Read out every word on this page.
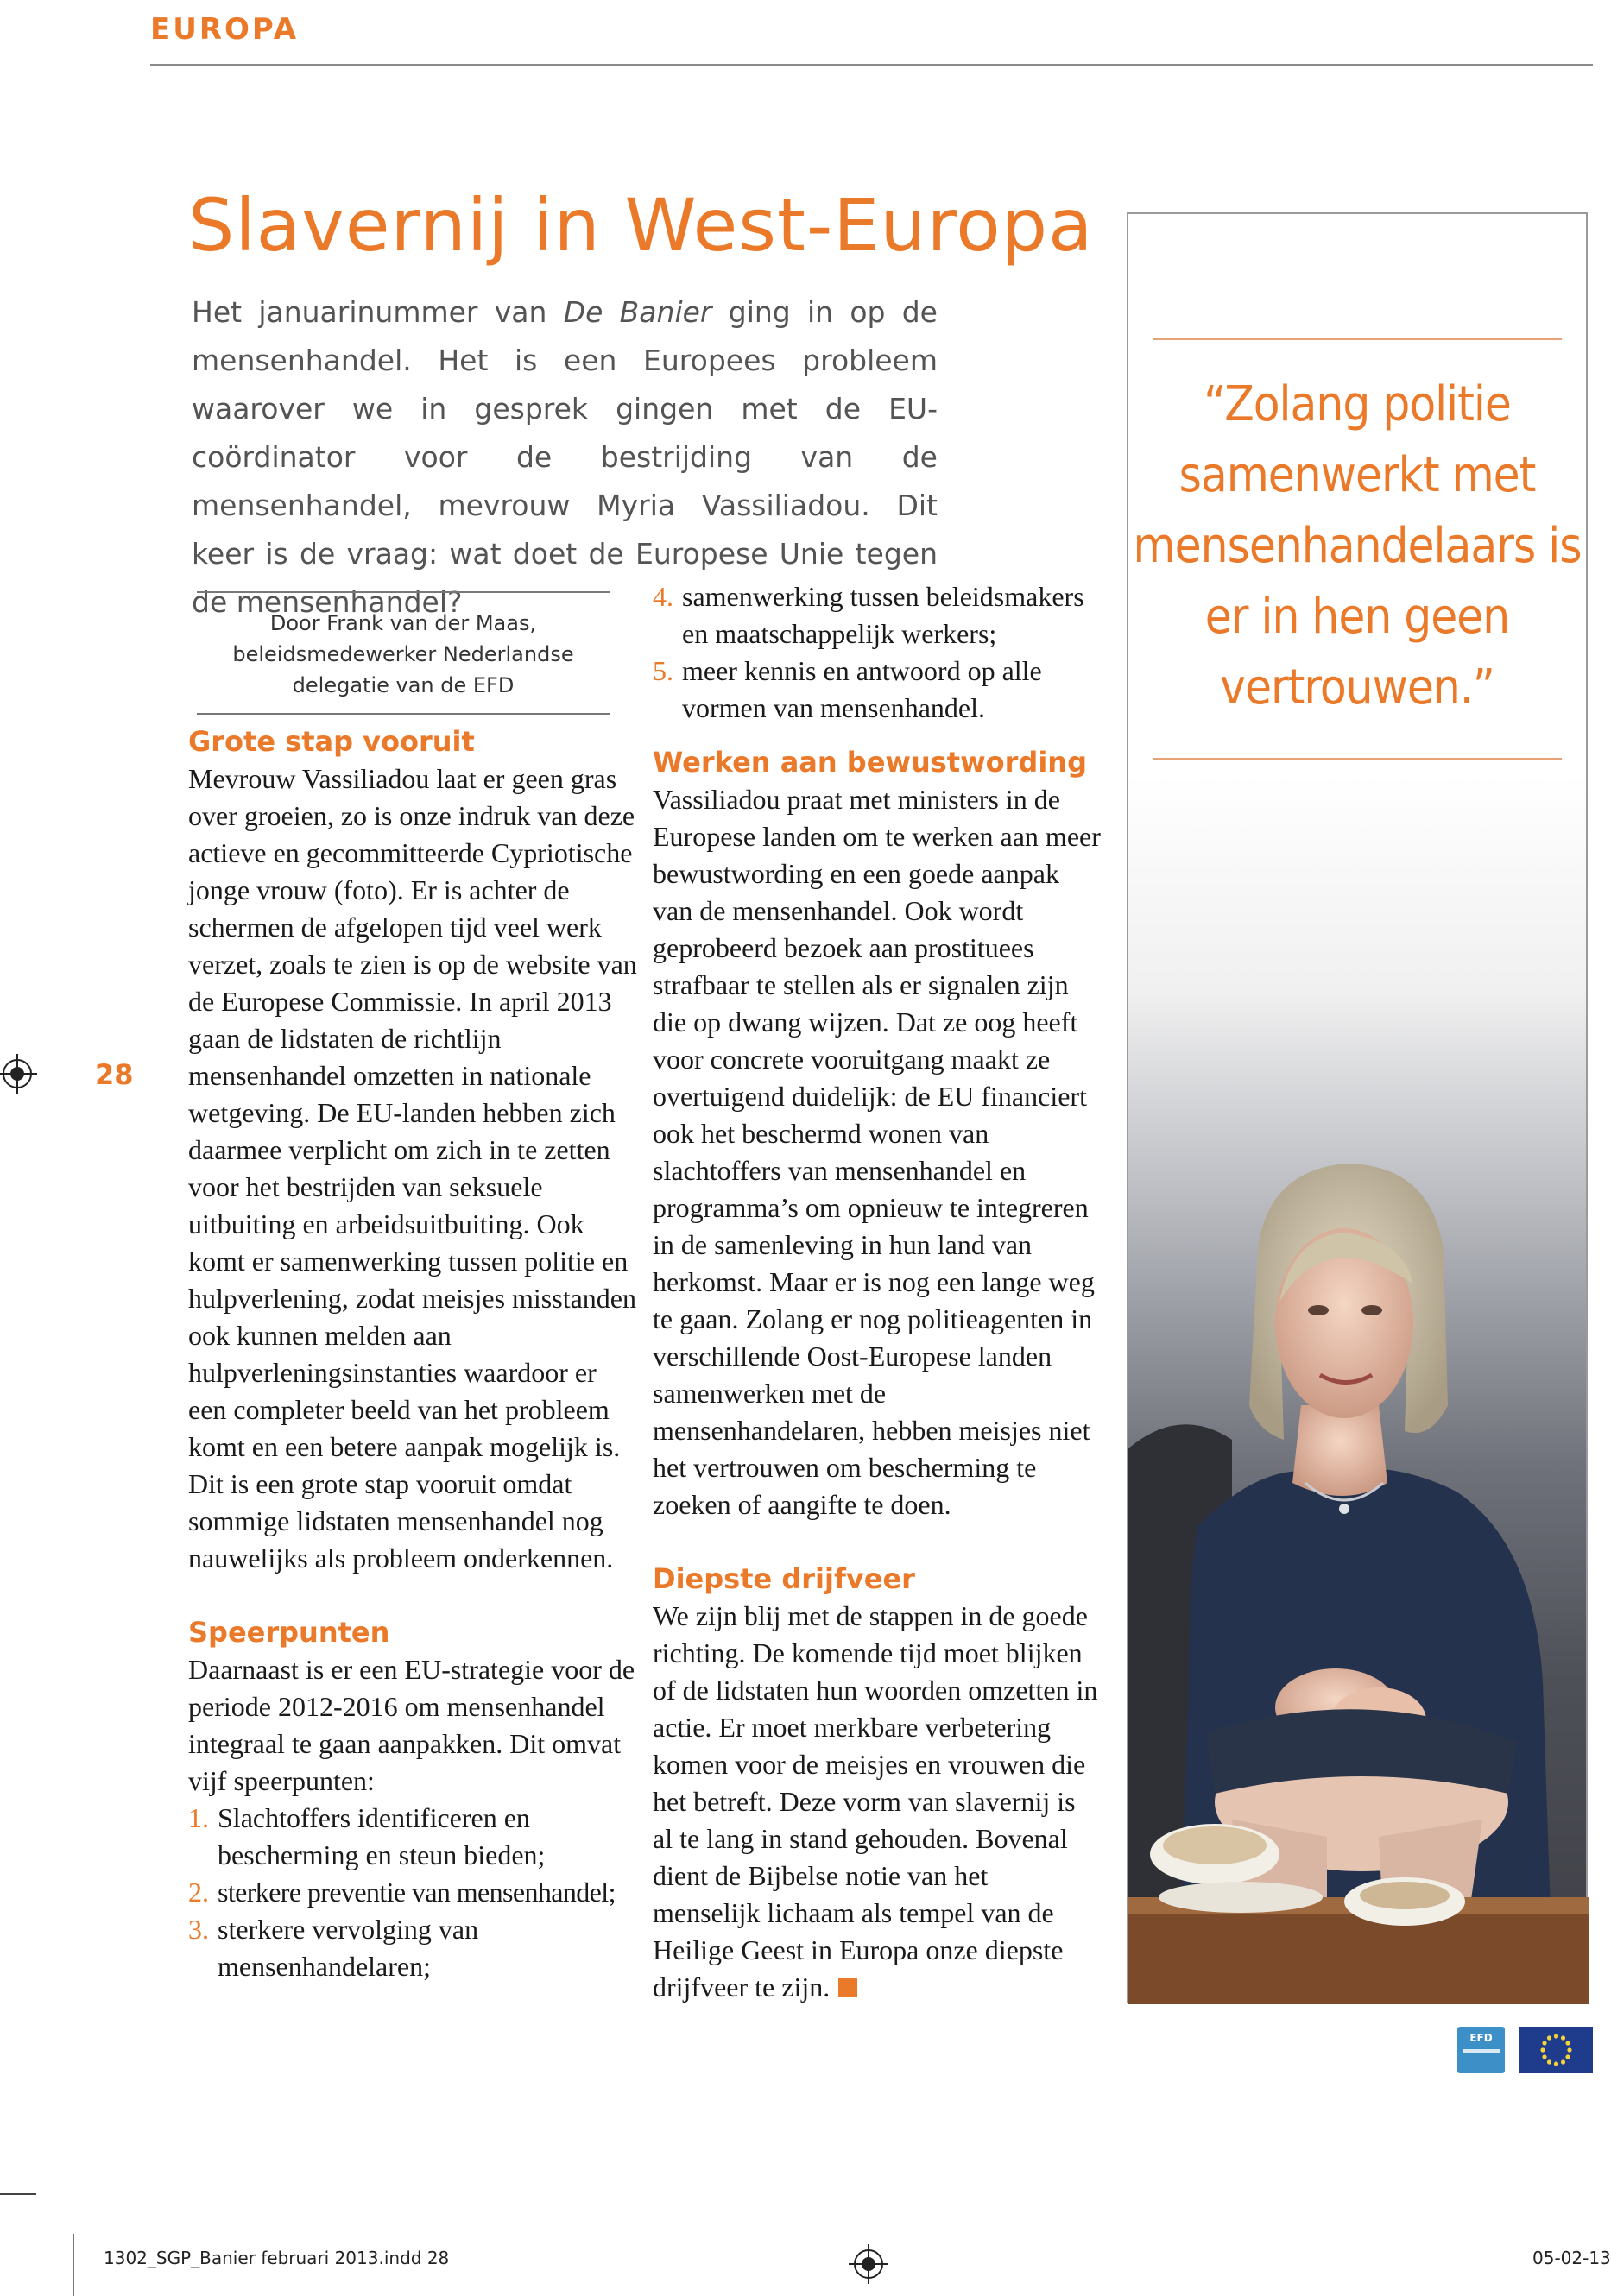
EUROPA
Slavernij in West-Europa

Het januarinummer van De Banier ging in op de mensenhandel. Het is een Europees probleem waarover we in gesprek gingen met de EU-coördinator voor de bestrijding van de mensenhandel, mevrouw Myria Vassiliadou. Dit keer is de vraag: wat doet de Europese Unie tegen de mensenhandel?

Door Frank van der Maas, beleidsmedewerker Nederlandse delegatie van de EFD
Grote stap vooruit

Mevrouw Vassiliadou laat er geen gras over groeien, zo is onze indruk van deze actieve en gecommitteerde Cypriotische jonge vrouw (foto). Er is achter de schermen de afgelopen tijd veel werk verzet, zoals te zien is op de website van de Europese Commissie. In april 2013 gaan de lidstaten de richtlijn mensenhandel omzetten in nationale wetgeving. De EU-landen hebben zich daarmee verplicht om zich in te zetten voor het bestrijden van seksuele uitbuiting en arbeidsuitbuiting. Ook komt er samenwerking tussen politie en hulpverlening, zodat meisjes misstanden ook kunnen melden aan hulpverleningsinstanties waardoor er een completer beeld van het probleem komt en een betere aanpak mogelijk is. Dit is een grote stap vooruit omdat sommige lidstaten mensenhandel nog nauwelijks als probleem onderkennen.

Speerpunten

Daarnaast is er een EU-strategie voor de periode 2012-2016 om mensenhandel integraal te gaan aanpakken. Dit omvat vijf speerpunten:

1. Slachtoffers identificeren en bescherming en steun bieden;
2. sterkere preventie van mensenhandel;
3. sterkere vervolging van mensenhandelaren;
4. samenwerking tussen beleidsmakers en maatschappelijk werkers;
5. meer kennis en antwoord op alle vormen van mensenhandel.
Werken aan bewustwording

Vassiliadou praat met ministers in de Europese landen om te werken aan meer bewustwording en een goede aanpak van de mensenhandel. Ook wordt geprobeerd bezoek aan prostituees strafbaar te stellen als er signalen zijn die op dwang wijzen. Dat ze oog heeft voor concrete vooruitgang maakt ze overtuigend duidelijk: de EU financiert ook het beschermd wonen van slachtoffers van mensenhandel en programma’s om opnieuw te integreren in de samenleving in hun land van herkomst. Maar er is nog een lange weg te gaan. Zolang er nog politieagenten in verschillende Oost-Europese landen samenwerken met de mensenhandelaren, hebben meisjes niet het vertrouwen om bescherming te zoeken of aangifte te doen.

Diepste drijfveer

We zijn blij met de stappen in de goede richting. De komende tijd moet blijken of de lidstaten hun woorden omzetten in actie. Er moet merkbare verbetering komen voor de meisjes en vrouwen die het betreft. Deze vorm van slavernij is al te lang in stand gehouden. Bovenal dient de Bijbelse notie van het menselijk lichaam als tempel van de Heilige Geest in Europa onze diepste drijfveer te zijn.

28

“Zolang politie samenwerkt met mensenhandelaars is er in hen geen vertrouwen.”

EFD
1302_SGP_Banier februari 2013.indd 28	05-02-13
